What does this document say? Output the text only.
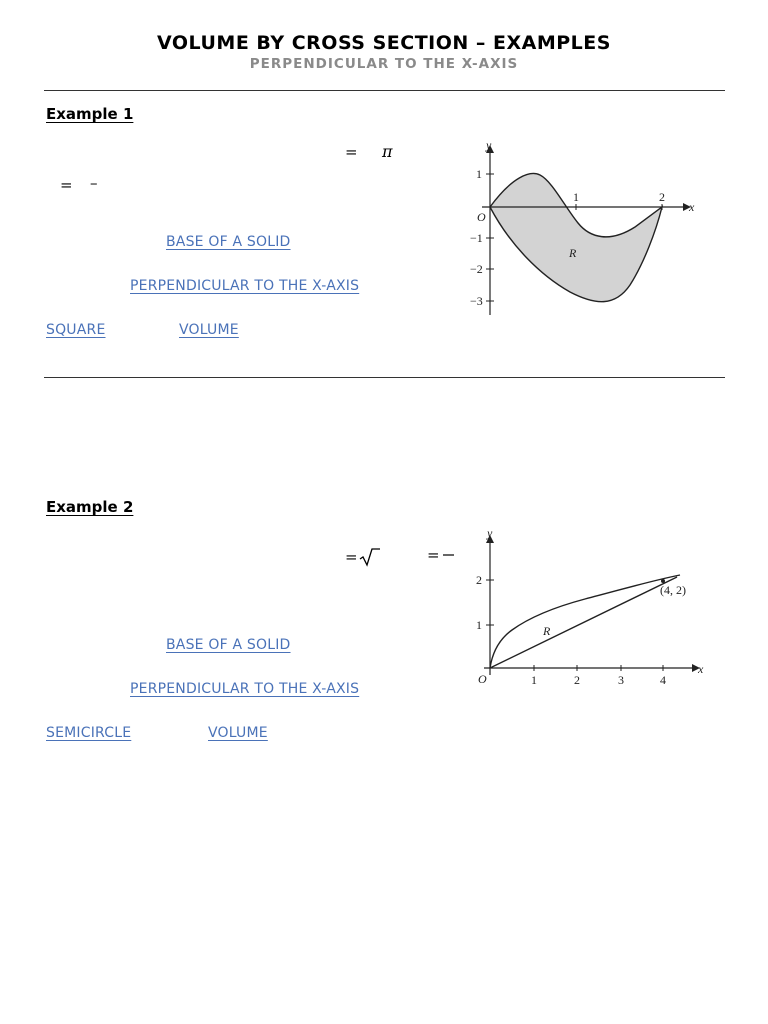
VOLUME BY CROSS SECTION – EXAMPLES
PERPENDICULAR TO THE X-AXIS
Example 1
= π
= –
BASE OF A SOLID
PERPENDICULAR TO THE X-AXIS
SQUARE	VOLUME
y
x
O
R
1	2
1
−1
−2
−3
Example 2
=	=
BASE OF A SOLID
PERPENDICULAR TO THE X-AXIS
SEMICIRCLE	VOLUME
y
x
O
R
(4, 2)
1	2	3	4
1
2
